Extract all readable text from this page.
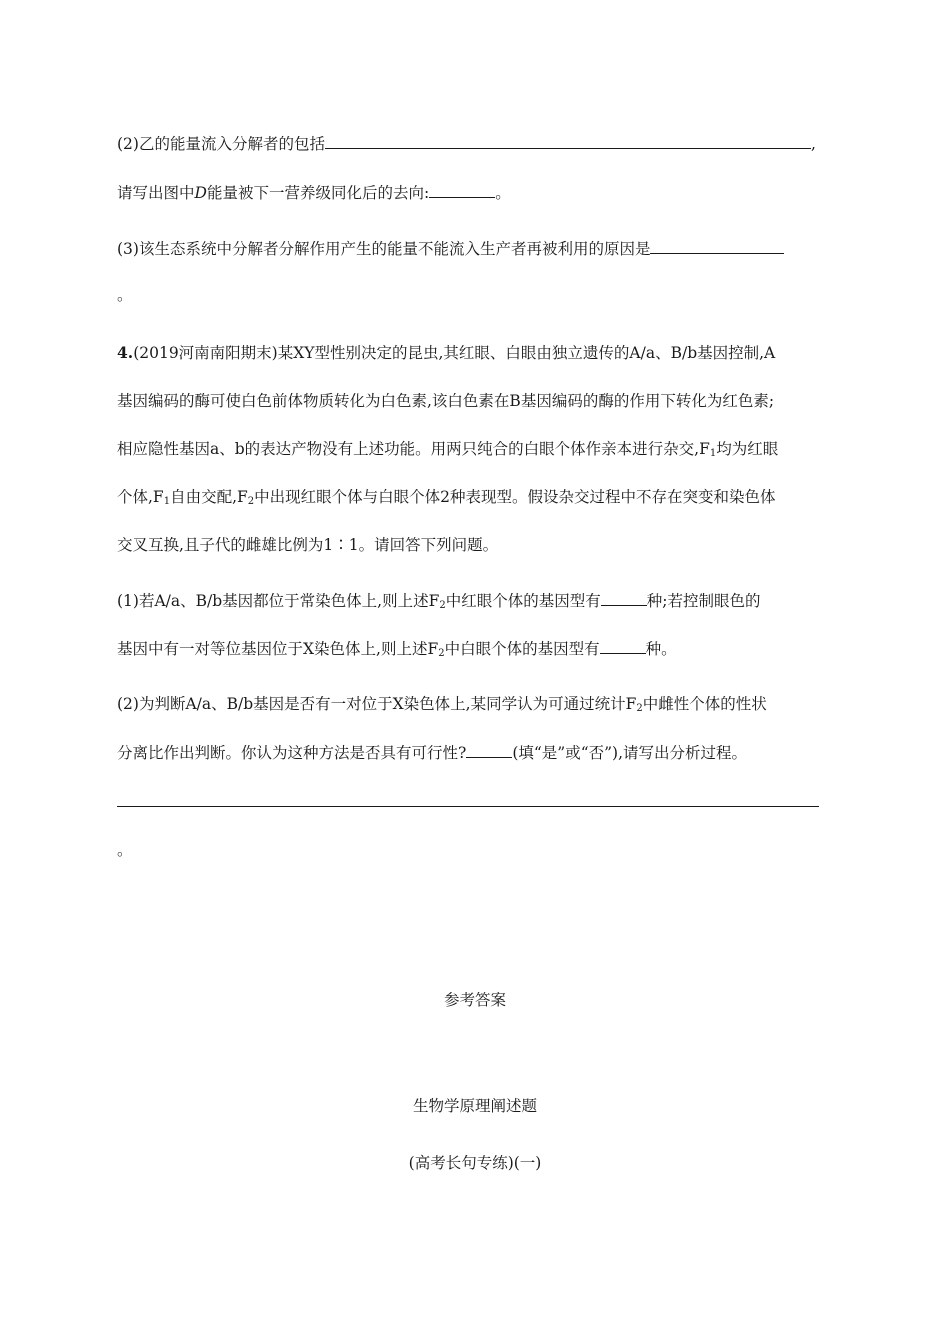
(2)乙的能量流入分解者的包括	,
请写出图中D能量被下一营养级同化后的去向:	。
(3)该生态系统中分解者分解作用产生的能量不能流入生产者再被利用的原因是
。
4.(2019河南南阳期末)某XY型性别决定的昆虫,其红眼、白眼由独立遗传的A/a、B/b基因控制,A
基因编码的酶可使白色前体物质转化为白色素,该白色素在B基因编码的酶的作用下转化为红色素;
相应隐性基因a、b的表达产物没有上述功能。用两只纯合的白眼个体作亲本进行杂交$,F_1$均为红眼
个体$,F_1$自由交配$,F_2$中出现红眼个体与白眼个体2种表现型。假设杂交过程中不存在突变和染色体
交叉互换,且子代的雌雄比例为1∶1。请回答下列问题。
(1)若A/a、B/b基因都位于常染色体上,则上述$F_2$中红眼个体的基因型有	种;若控制眼色的
基因中有一对等位基因位于X染色体上,则上述$F_2$中白眼个体的基因型有	种。
(2)为判断A/a、B/b基因是否有一对位于X染色体上,某同学认为可通过统计$F_2$中雌性个体的性状
分离比作出判断。你认为这种方法是否具有可行性?	(填“是”或“否”),请写出分析过程。
。
参考答案
生物学原理阐述题
(高考长句专练)(一)
